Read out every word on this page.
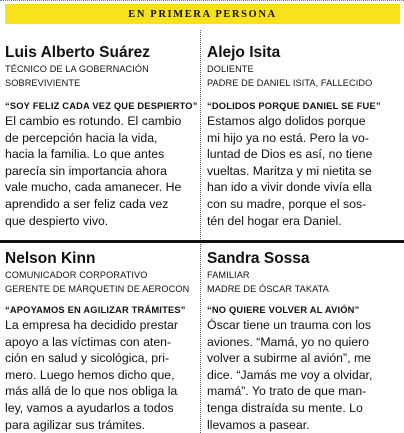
EN PRIMERA PERSONA
Luis Alberto Suárez
TÉCNICO DE LA GOBERNACIÓN
SOBREVIVIENTE
“SOY FELIZ CADA VEZ QUE DESPIERTO”
El cambio es rotundo. El cambio
de percepción hacia la vida,
hacia la familia. Lo que antes
parecía sin importancia ahora
vale mucho, cada amanecer. He
aprendido a ser feliz cada vez
que despierto vivo.
Alejo Isita
DOLIENTE
PADRE DE DANIEL ISITA, FALLECIDO
“DOLIDOS PORQUE DANIEL SE FUE”
Estamos algo dolidos porque
mi hijo ya no está. Pero la vo-
luntad de Dios es así, no tiene
vueltas. Maritza y mi nietita se
han ido a vivir donde vivía ella
con su madre, porque el sos-
tén del hogar era Daniel.
Nelson Kinn
COMUNICADOR CORPORATIVO
GERENTE DE MÁRQUETIN DE AEROCON
“APOYAMOS EN AGILIZAR TRÁMITES”
La empresa ha decidido prestar
apoyo a las víctimas con aten-
ción en salud y sicológica, pri-
mero. Luego hemos dicho que,
más allá de lo que nos obliga la
ley, vamos a ayudarlos a todos
para agilizar sus trámites.
Sandra Sossa
FAMILIAR
MADRE DE ÓSCAR TAKATA
“NO QUIERE VOLVER AL AVIÓN”
Óscar tiene un trauma con los
aviones. “Mamá, yo no quiero
volver a subirme al avión”, me
dice. “Jamás me voy a olvidar,
mamá”. Yo trato de que man-
tenga distraída su mente. Lo
llevamos a pasear.
